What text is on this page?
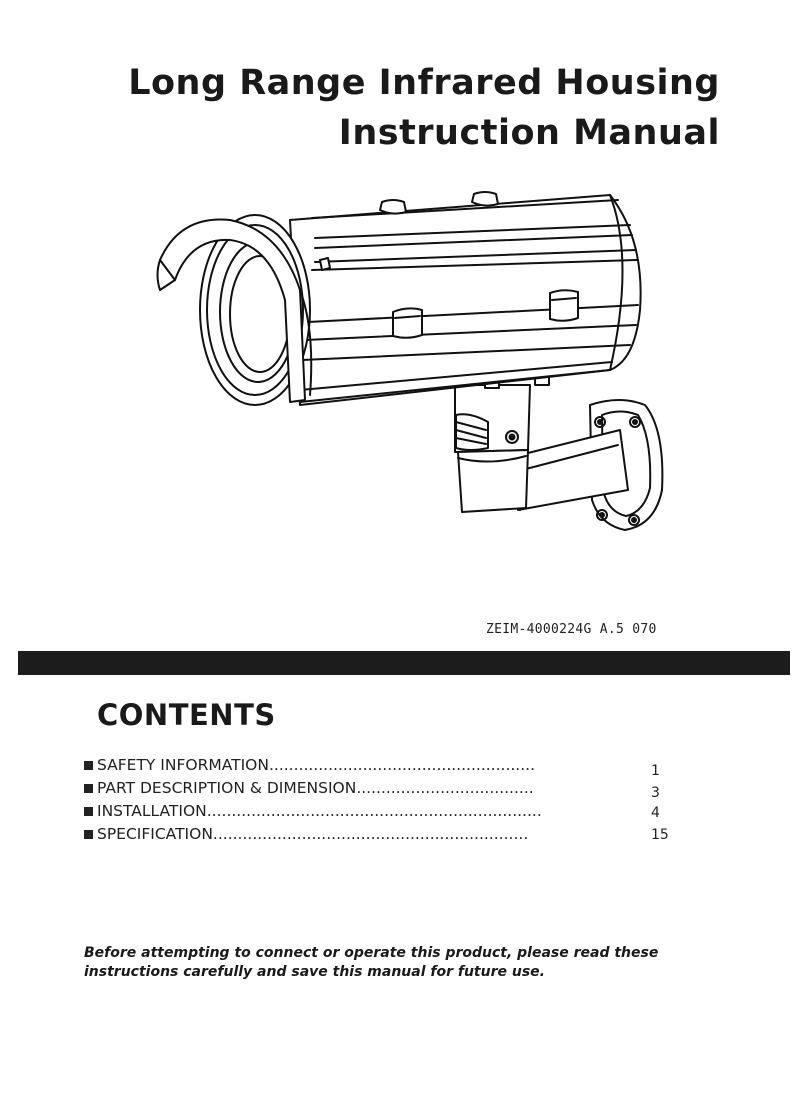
Long Range Infrared Housing
Instruction Manual
ZEIM-4000224G A.5 070
CONTENTS
SAFETY INFORMATION......................................................	1
PART DESCRIPTION & DIMENSION....................................	3
INSTALLATION....................................................................	4
SPECIFICATION................................................................	15
Before attempting to connect or operate this product, please read these
instructions carefully and save this manual for future use.
